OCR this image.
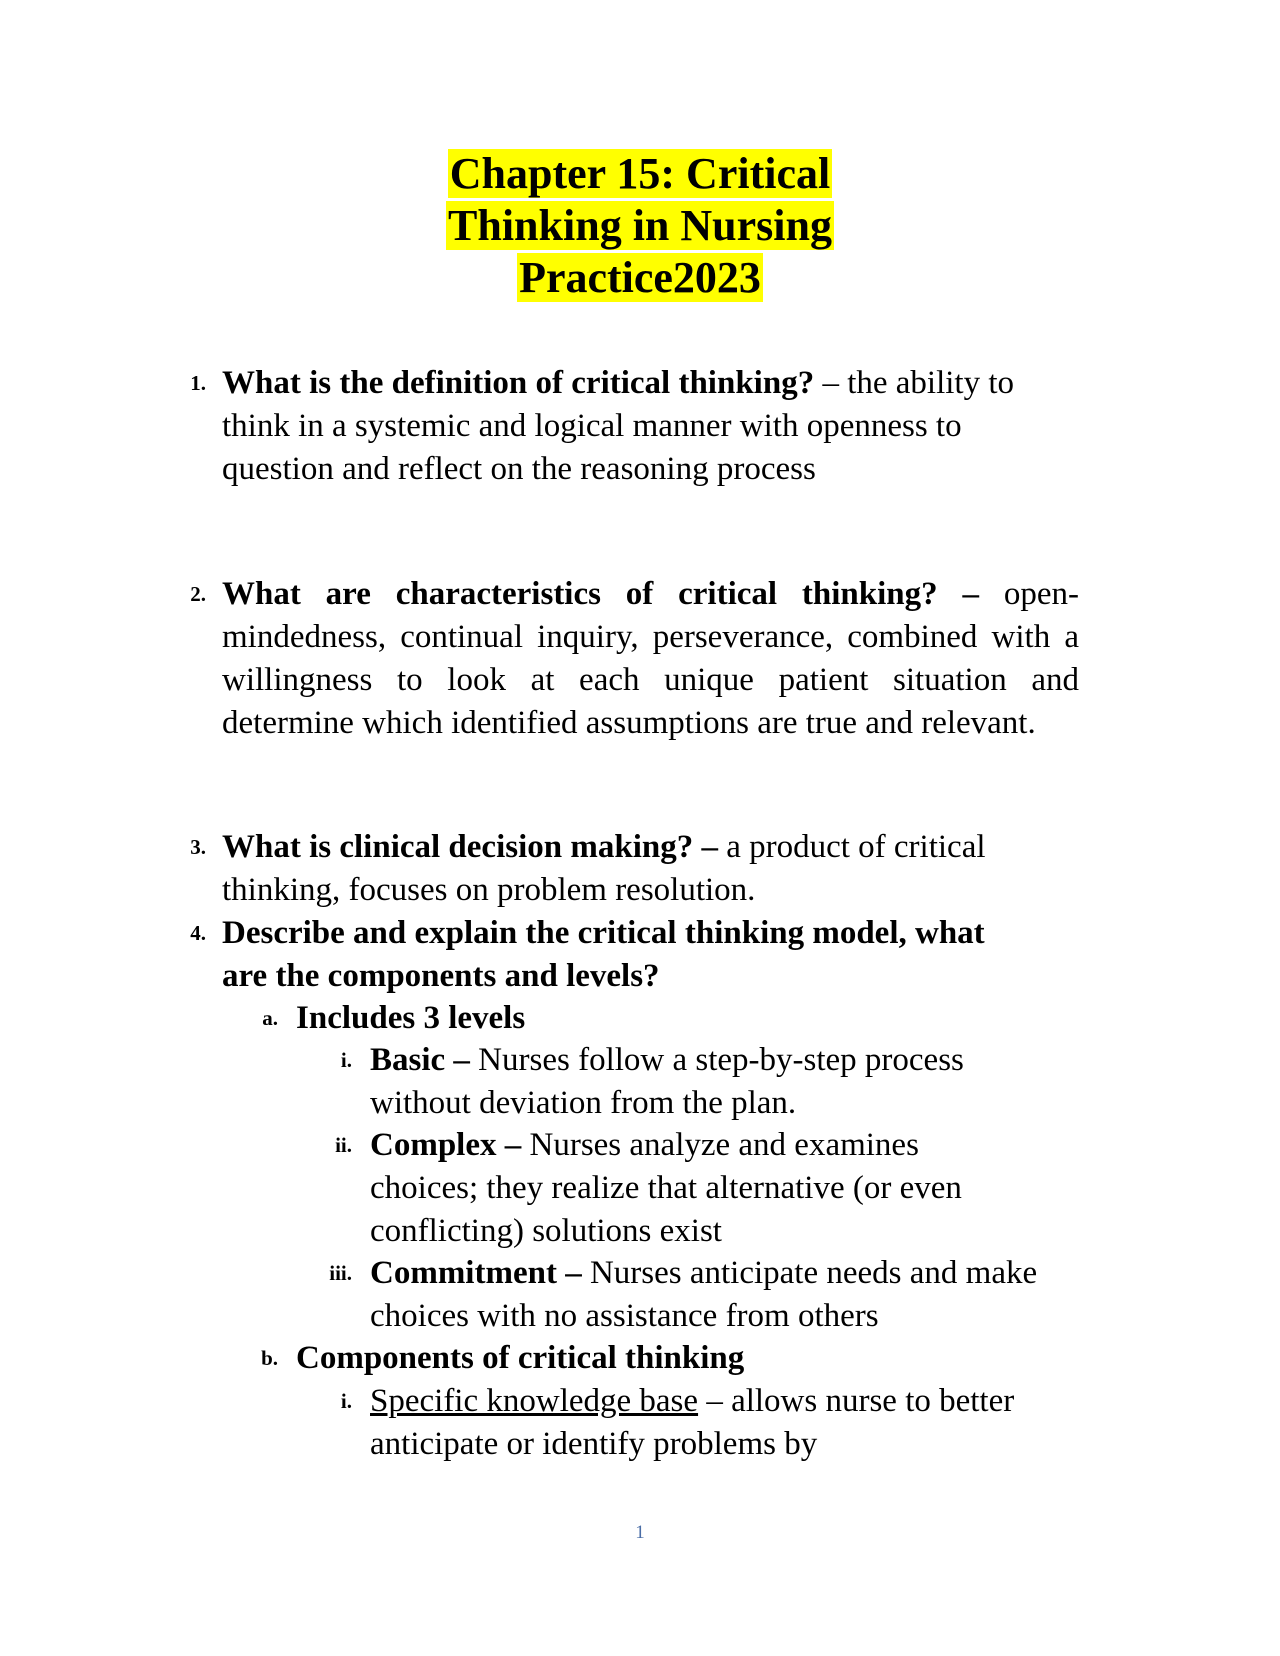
Chapter 15: Critical
Thinking in Nursing
Practice2023
1. What is the definition of critical thinking? – the ability to think in a systemic and logical manner with openness to question and reflect on the reasoning process

2. What are characteristics of critical thinking? – open-mindedness, continual inquiry, perseverance, combined with a willingness to look at each unique patient situation and determine which identified assumptions are true and relevant.

3. What is clinical decision making? – a product of critical thinking, focuses on problem resolution.

4. Describe and explain the critical thinking model, what are the components and levels?

a. Includes 3 levels

i. Basic – Nurses follow a step-by-step process without deviation from the plan.

ii. Complex – Nurses analyze and examines choices; they realize that alternative (or even conflicting) solutions exist

iii. Commitment – Nurses anticipate needs and make choices with no assistance from others

b. Components of critical thinking

i. Specific knowledge base – allows nurse to better anticipate or identify problems by

1
